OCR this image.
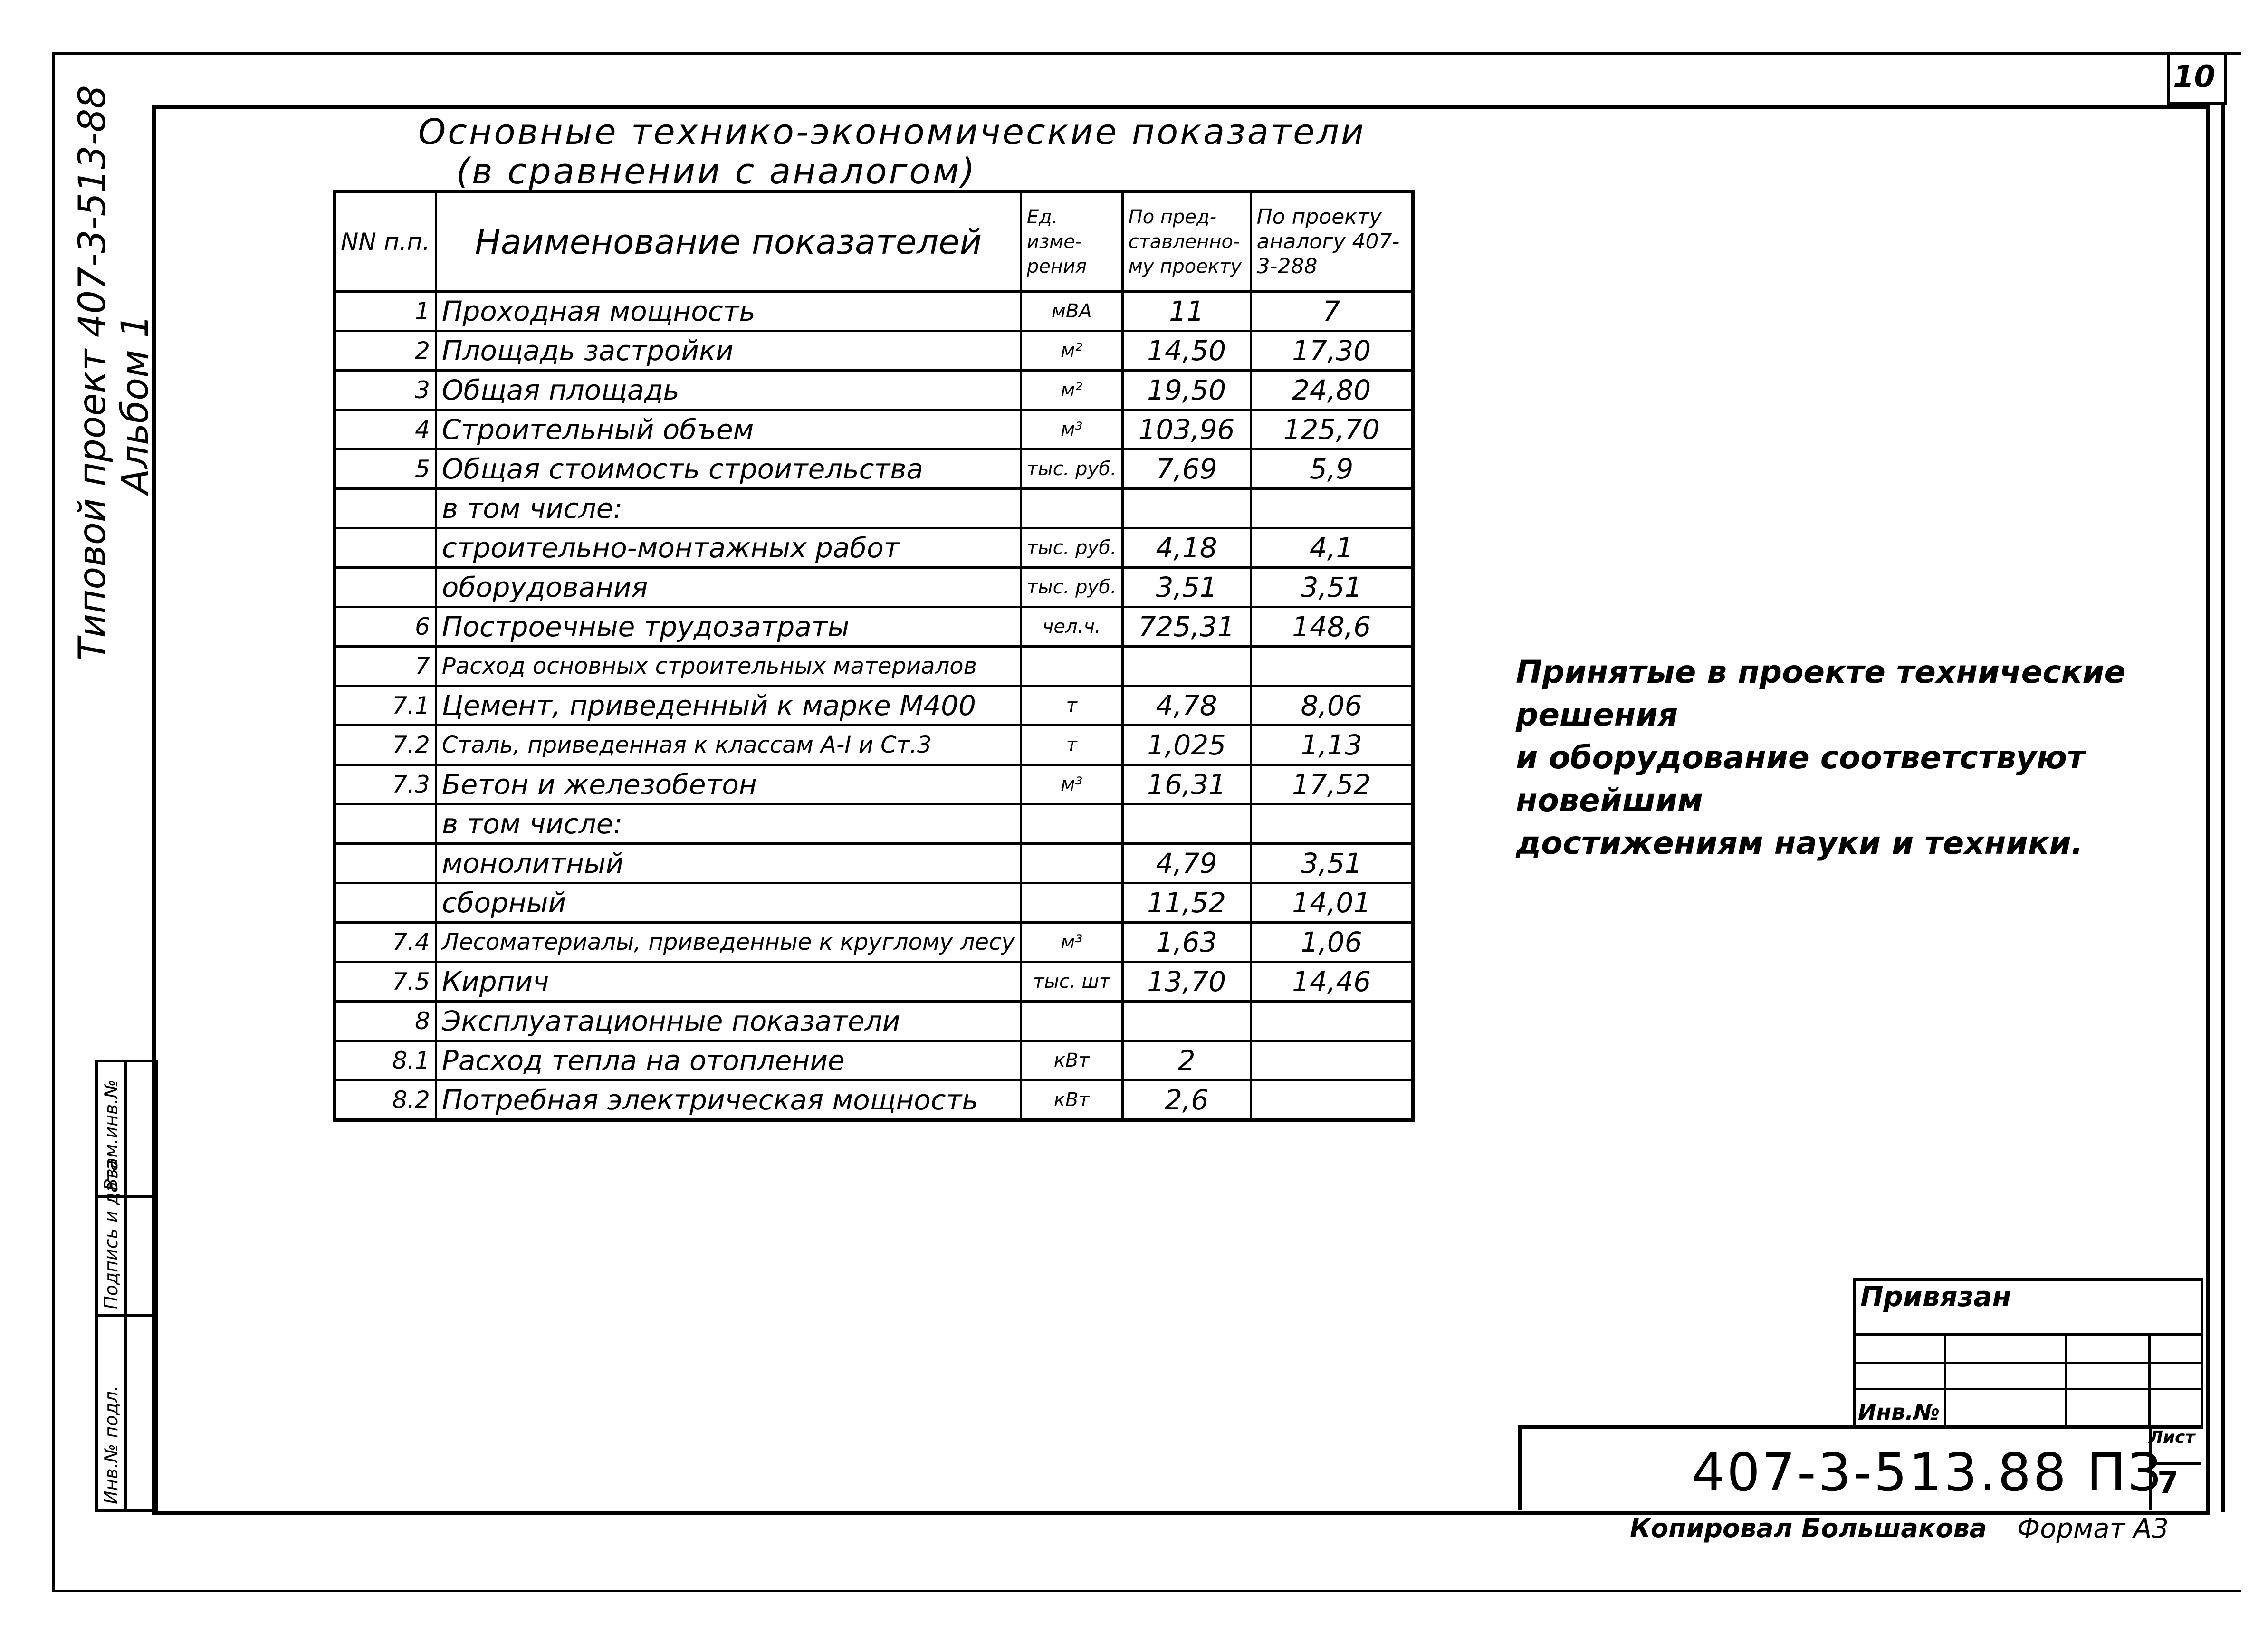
10
Типовой проект 407-3-513-88 Альбом 1
Инв.№ подл.
Подпись и дата
Взам.инв.№
Основные технико-экономические показатели
(в сравнении с аналогом)
NN п.п.	Наименование показателей	Ед. изме- рения	По пред- ставленно- му проекту	По проекту аналогу 407-3-288
1	Проходная мощность	мВА	11	7
2	Площадь застройки	м²	14,50	17,30
3	Общая площадь	м²	19,50	24,80
4	Строительный объем	м³	103,96	125,70
5	Общая стоимость строительства	тыс. руб.	7,69	5,9
	в том числе:			
	строительно-монтажных работ	тыс. руб.	4,18	4,1
	оборудования	тыс. руб.	3,51	3,51
6	Построечные трудозатраты	чел.ч.	725,31	148,6
7	Расход основных строительных материалов			
7.1	Цемент, приведенный к марке М400	т	4,78	8,06
7.2	Сталь, приведенная к классам A-I и Ст.3	т	1,025	1,13
7.3	Бетон и железобетон	м³	16,31	17,52
	в том числе:			
	монолитный		4,79	3,51
	сборный		11,52	14,01
7.4	Лесоматериалы, приведенные к круглому лесу	м³	1,63	1,06
7.5	Кирпич	тыс. шт	13,70	14,46
8	Эксплуатационные показатели			
8.1	Расход тепла на отопление	кВт	2	
8.2	Потребная электрическая мощность	кВт	2,6	
Принятые в проекте технические решения
и оборудование соответствуют новейшим
достижениям науки и техники.
Привязан
Инв.№
407-3-513.88 ПЗ
Лист
7
Копировал Большакова Формат А3
